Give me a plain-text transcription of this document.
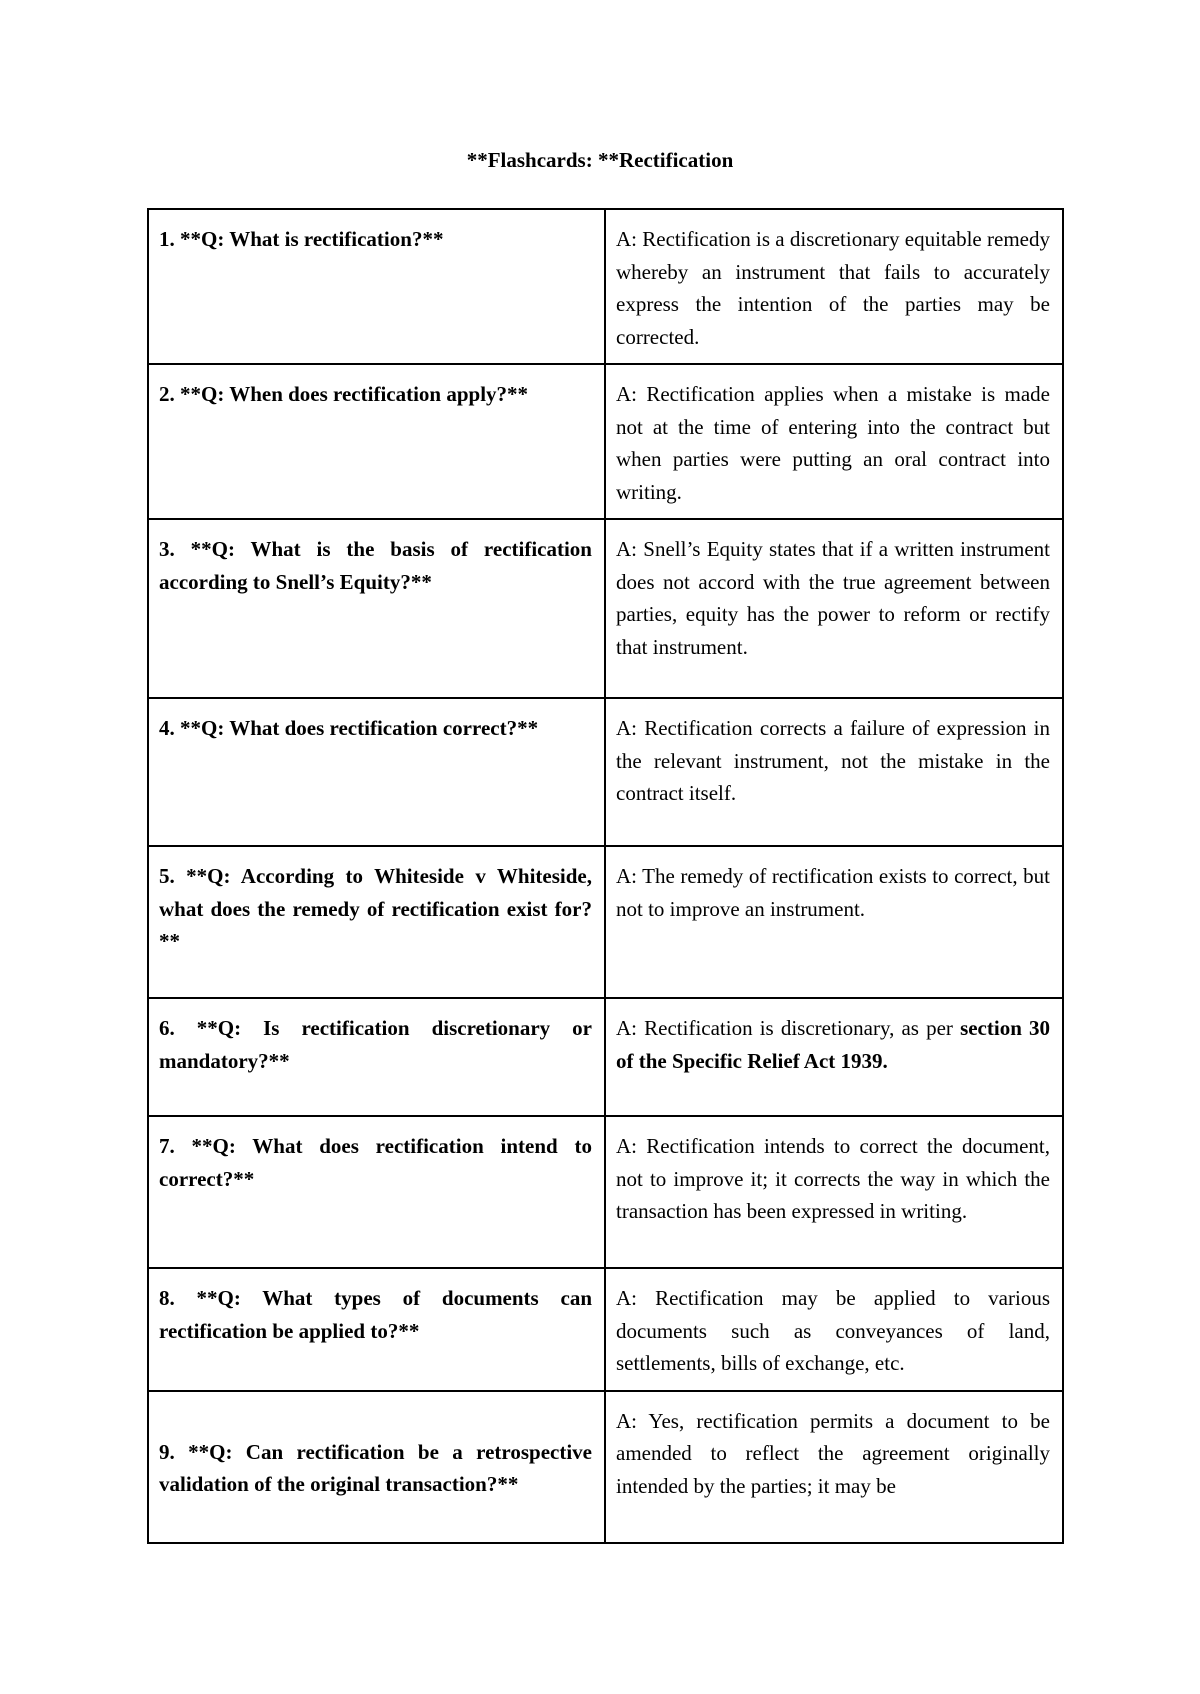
**Flashcards: **Rectification
1. **Q: What is rectification?**	A: Rectification is a discretionary equitable remedy whereby an instrument that fails to accurately express the intention of the parties may be corrected.
2. **Q: When does rectification apply?**	A: Rectification applies when a mistake is made not at the time of entering into the contract but when parties were putting an oral contract into writing.
3. **Q: What is the basis of rectification according to Snell’s Equity?**	A: Snell’s Equity states that if a written instrument does not accord with the true agreement between parties, equity has the power to reform or rectify that instrument.
4. **Q: What does rectification correct?**	A: Rectification corrects a failure of expression in the relevant instrument, not the mistake in the contract itself.
5. **Q: According to Whiteside v Whiteside, what does the remedy of rectification exist for?**	A: The remedy of rectification exists to correct, but not to improve an instrument.
6. **Q: Is rectification discretionary or mandatory?**	A: Rectification is discretionary, as per section 30 of the Specific Relief Act 1939.
7. **Q: What does rectification intend to correct?**	A: Rectification intends to correct the document, not to improve it; it corrects the way in which the transaction has been expressed in writing.
8. **Q: What types of documents can rectification be applied to?**	A: Rectification may be applied to various documents such as conveyances of land, settlements, bills of exchange, etc.
9. **Q: Can rectification be a retrospective validation of the original transaction?**	A: Yes, rectification permits a document to be amended to reflect the agreement originally intended by the parties; it may be
